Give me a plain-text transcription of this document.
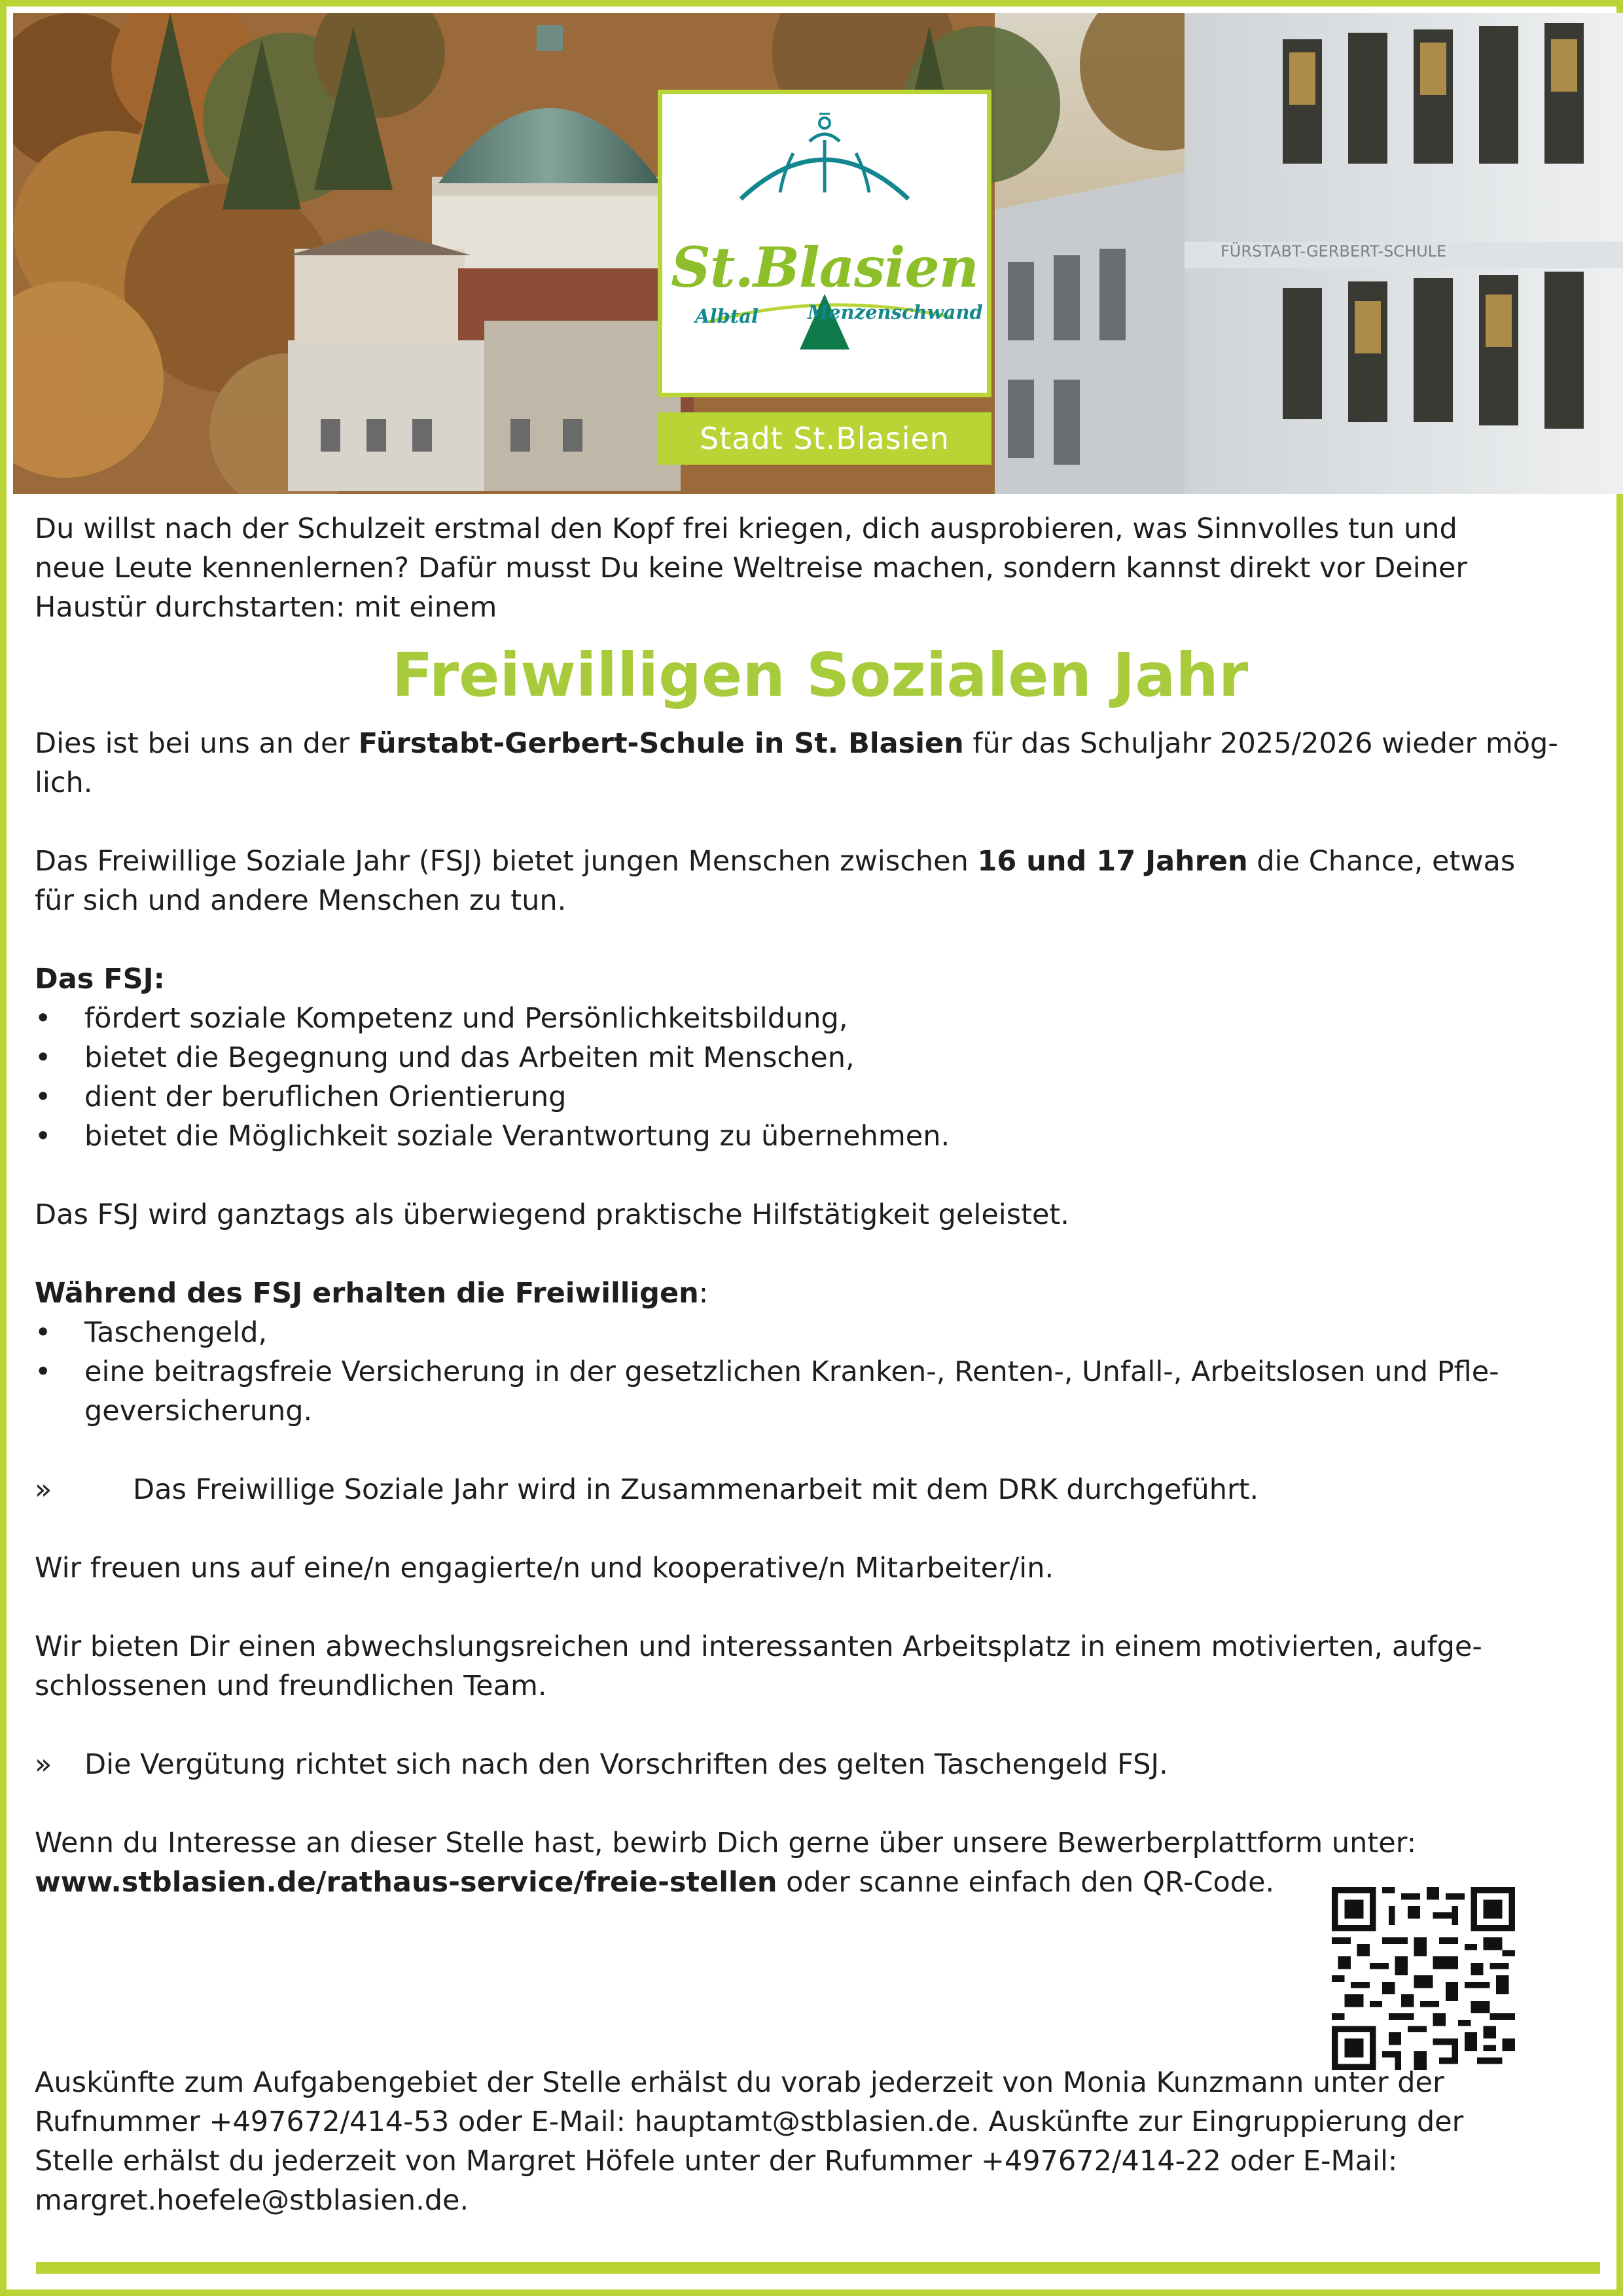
FÜRSTABT-GERBERT-SCHULE
St.Blasien
Albtal	Menzenschwand
Stadt St.Blasien
Du willst nach der Schulzeit erstmal den Kopf frei kriegen, dich ausprobieren, was Sinnvolles tun und
neue Leute kennenlernen? Dafür musst Du keine Weltreise machen, sondern kannst direkt vor Deiner
Haustür durchstarten: mit einem
Freiwilligen Sozialen Jahr
Dies ist bei uns an der Fürstabt-Gerbert-Schule in St. Blasien für das Schuljahr 2025/2026 wieder mög-
lich.
Das Freiwillige Soziale Jahr (FSJ) bietet jungen Menschen zwischen 16 und 17 Jahren die Chance, etwas
für sich und andere Menschen zu tun.
Das FSJ:
• fördert soziale Kompetenz und Persönlichkeitsbildung,
• bietet die Begegnung und das Arbeiten mit Menschen,
• dient der beruflichen Orientierung
• bietet die Möglichkeit soziale Verantwortung zu übernehmen.
Das FSJ wird ganztags als überwiegend praktische Hilfstätigkeit geleistet.
Während des FSJ erhalten die Freiwilligen:
• Taschengeld,
• eine beitragsfreie Versicherung in der gesetzlichen Kranken-, Renten-, Unfall-, Arbeitslosen und Pfle-
geversicherung.
»	Das Freiwillige Soziale Jahr wird in Zusammenarbeit mit dem DRK durchgeführt.
Wir freuen uns auf eine/n engagierte/n und kooperative/n Mitarbeiter/in.
Wir bieten Dir einen abwechslungsreichen und interessanten Arbeitsplatz in einem motivierten, aufge-
schlossenen und freundlichen Team.
» Die Vergütung richtet sich nach den Vorschriften des gelten Taschengeld FSJ.
Wenn du Interesse an dieser Stelle hast, bewirb Dich gerne über unsere Bewerberplattform unter:
www.stblasien.de/rathaus-service/freie-stellen oder scanne einfach den QR-Code.
Auskünfte zum Aufgabengebiet der Stelle erhälst du vorab jederzeit von Monia Kunzmann unter der
Rufnummer +497672/414-53 oder E-Mail: hauptamt@stblasien.de. Auskünfte zur Eingruppierung der
Stelle erhälst du jederzeit von Margret Höfele unter der Rufummer +497672/414-22 oder E-Mail:
margret.hoefele@stblasien.de.
